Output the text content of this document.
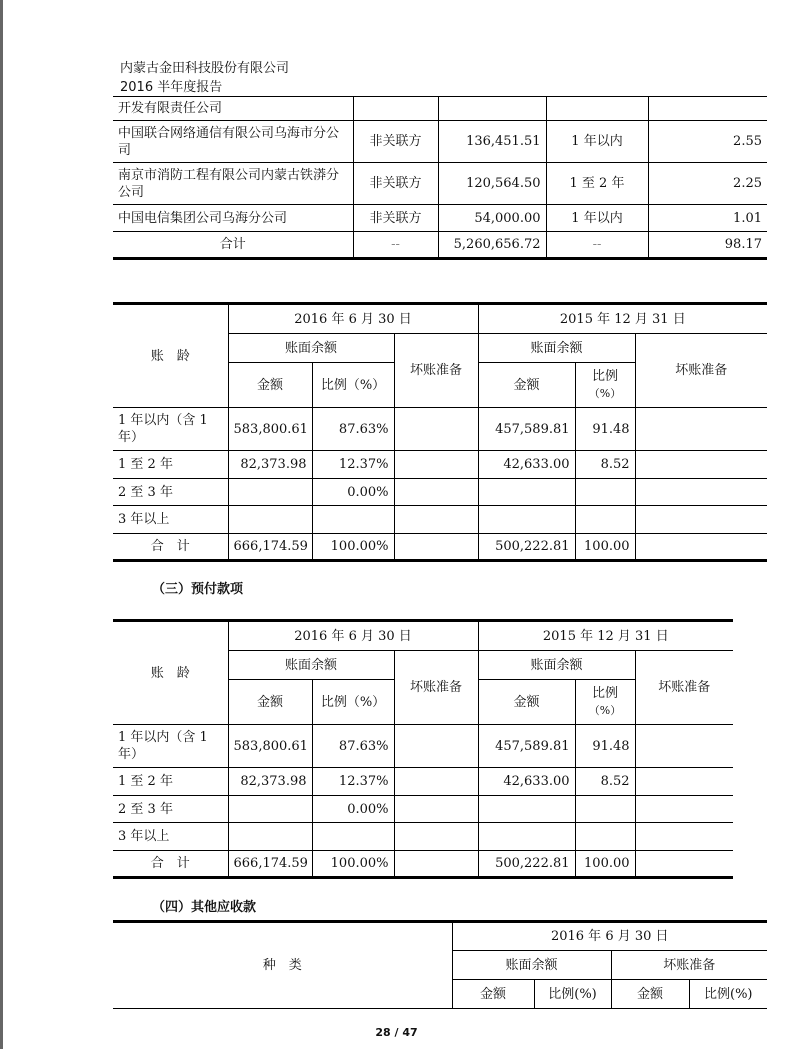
内蒙古金田科技股份有限公司
2016 半年度报告
开发有限责任公司				
中国联合网络通信有限公司乌海市分公司	非关联方	136,451.51	1 年以内	2.55
南京市消防工程有限公司内蒙古铁漭分公司	非关联方	120,564.50	1 至 2 年	2.25
中国电信集团公司乌海分公司	非关联方	54,000.00	1 年以内	1.01
合计	--	5,260,656.72	--	98.17
账　龄	2016 年 6 月 30 日			2015 年 12 月 31 日		
	账面余额		坏账准备	账面余额		坏账准备
	金额	比例（%）		金额	比例
（%）	
1 年以内（含 1 年）	583,800.61	87.63%		457,589.81	91.48	
1 至 2 年	82,373.98	12.37%		42,633.00	8.52	
2 至 3 年		0.00%				
3 年以上						
合　计	666,174.59	100.00%		500,222.81	100.00	
（三）预付款项
账　龄	2016 年 6 月 30 日			2015 年 12 月 31 日		
	账面余额		坏账准备	账面余额		坏账准备
	金额	比例（%）		金额	比例
（%）	
1 年以内（含 1 年）	583,800.61	87.63%		457,589.81	91.48	
1 至 2 年	82,373.98	12.37%		42,633.00	8.52	
2 至 3 年		0.00%				
3 年以上						
合　计	666,174.59	100.00%		500,222.81	100.00	
（四）其他应收款
种　类	2016 年 6 月 30 日			
	账面余额		坏账准备	
	金额	比例(%)	金额	比例(%)
28 / 47
